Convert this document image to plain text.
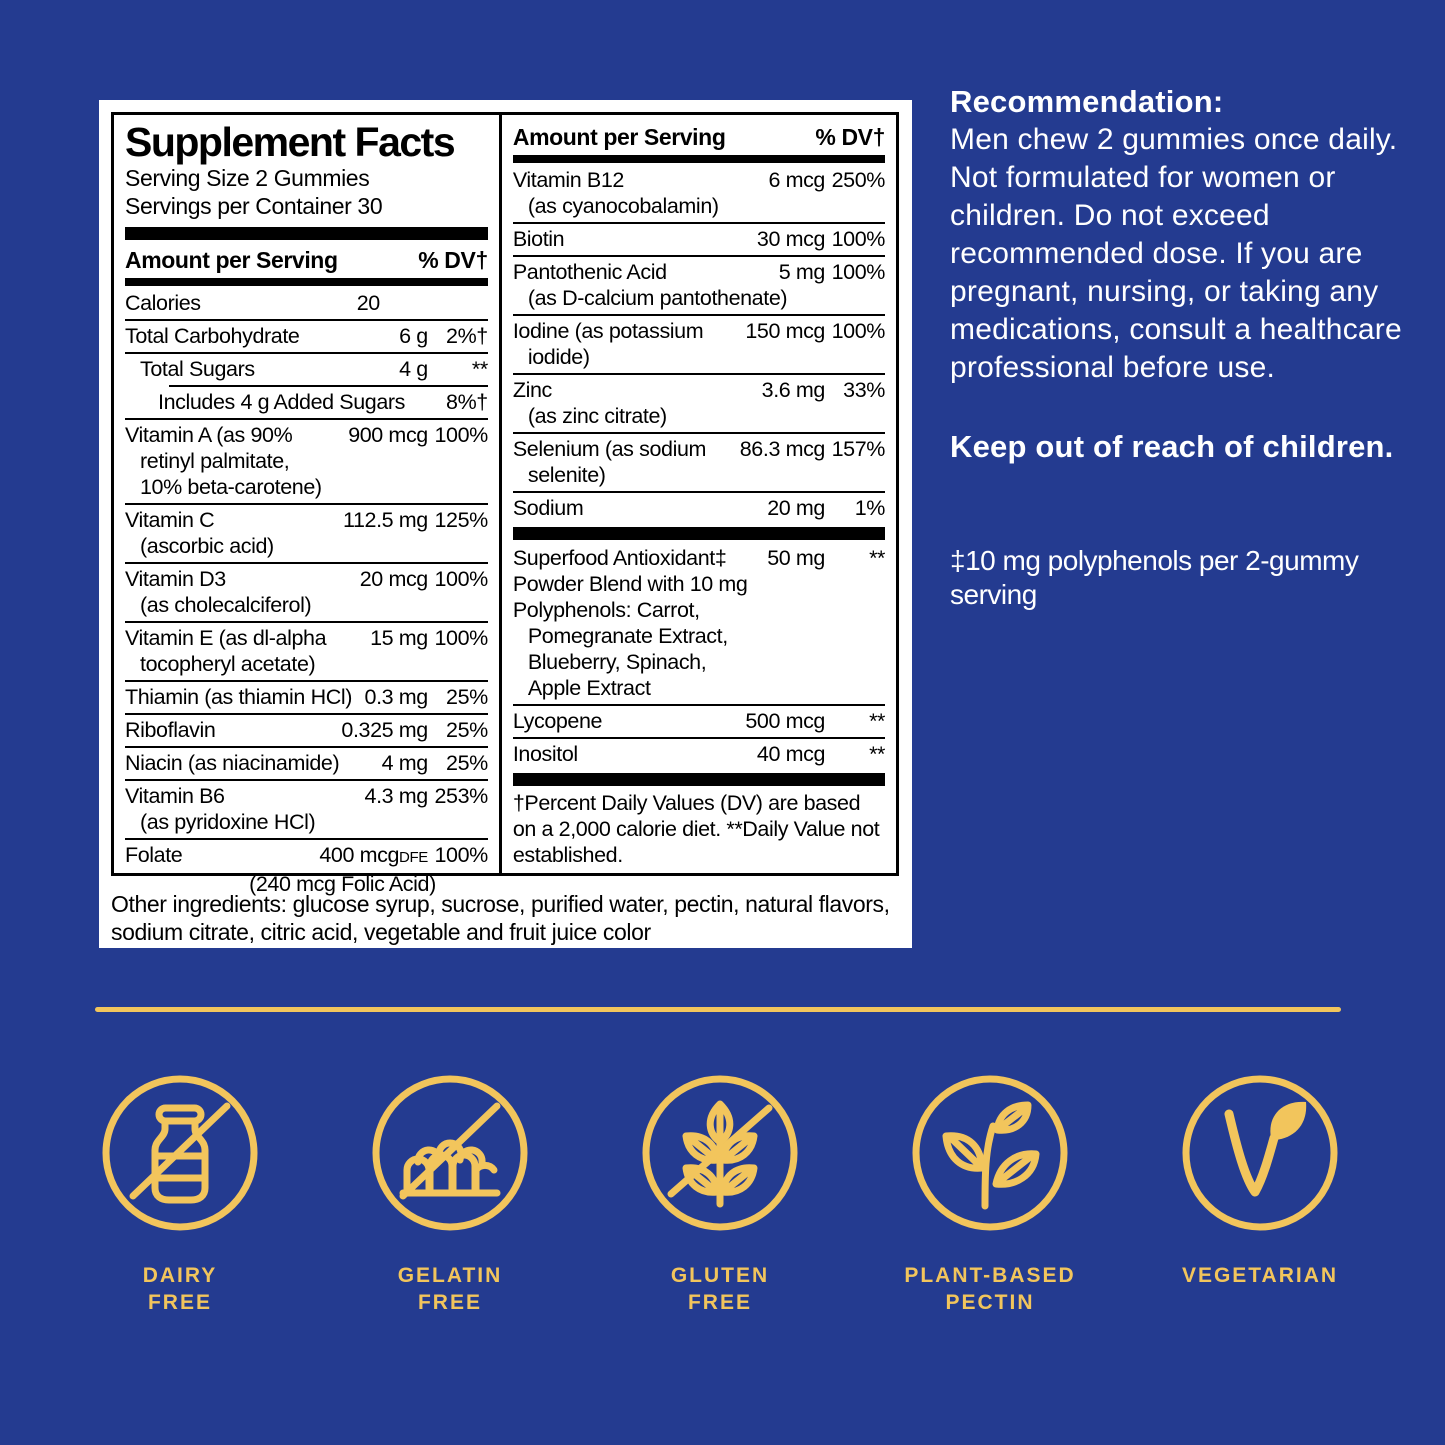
Supplement Facts
Serving Size 2 Gummies
Servings per Container 30
Amount per Serving	% DV†
Calories	20
Total Carbohydrate	6 g 2%†
Total Sugars	4 g	**
Includes 4 g Added Sugars	8%†
Vitamin A (as 90%	900 mcg 100%
retinyl palmitate,
10% beta-carotene)
Vitamin C	112.5 mg 125%
(ascorbic acid)
Vitamin D3	20 mcg 100%
(as cholecalciferol)
Vitamin E (as dl-alpha	15 mg 100%
tocopheryl acetate)
Thiamin (as thiamin HCl) 0.3 mg 25%
Riboflavin	0.325 mg 25%
Niacin (as niacinamide)	4 mg 25%
Vitamin B6	4.3 mg 253%
(as pyridoxine HCl)
Folate	400 mcgDFE 100%
(240 mcg Folic Acid)
Amount per Serving	% DV†
Vitamin B12	6 mcg 250%
(as cyanocobalamin)
Biotin	30 mcg 100%
Pantothenic Acid	5 mg 100%
(as D-calcium pantothenate)
Iodine (as potassium	150 mcg 100%
iodide)
Zinc	3.6 mg 33%
(as zinc citrate)
Selenium (as sodium	86.3 mcg 157%
selenite)
Sodium	20 mg	1%
Superfood Antioxidant‡	50 mg	**
Powder Blend with 10 mg
Polyphenols: Carrot,
Pomegranate Extract,
Blueberry, Spinach,
Apple Extract
Lycopene	500 mcg	**
Inositol	40 mcg	**

†Percent Daily Values (DV) are based on a 2,000 calorie diet. **Daily Value not established.

Other ingredients: glucose syrup, sucrose, purified water, pectin, natural flavors, sodium citrate, citric acid, vegetable and fruit juice color

Recommendation:

Men chew 2 gummies once daily. Not formulated for women or children. Do not exceed recommended dose. If you are pregnant, nursing, or taking any medications, consult a healthcare professional before use.

Keep out of reach of children.

‡10 mg polyphenols per 2-gummy serving

DAIRY
FREE
GELATIN
FREE
GLUTEN
FREE
PLANT-BASED
PECTIN
VEGETARIAN
